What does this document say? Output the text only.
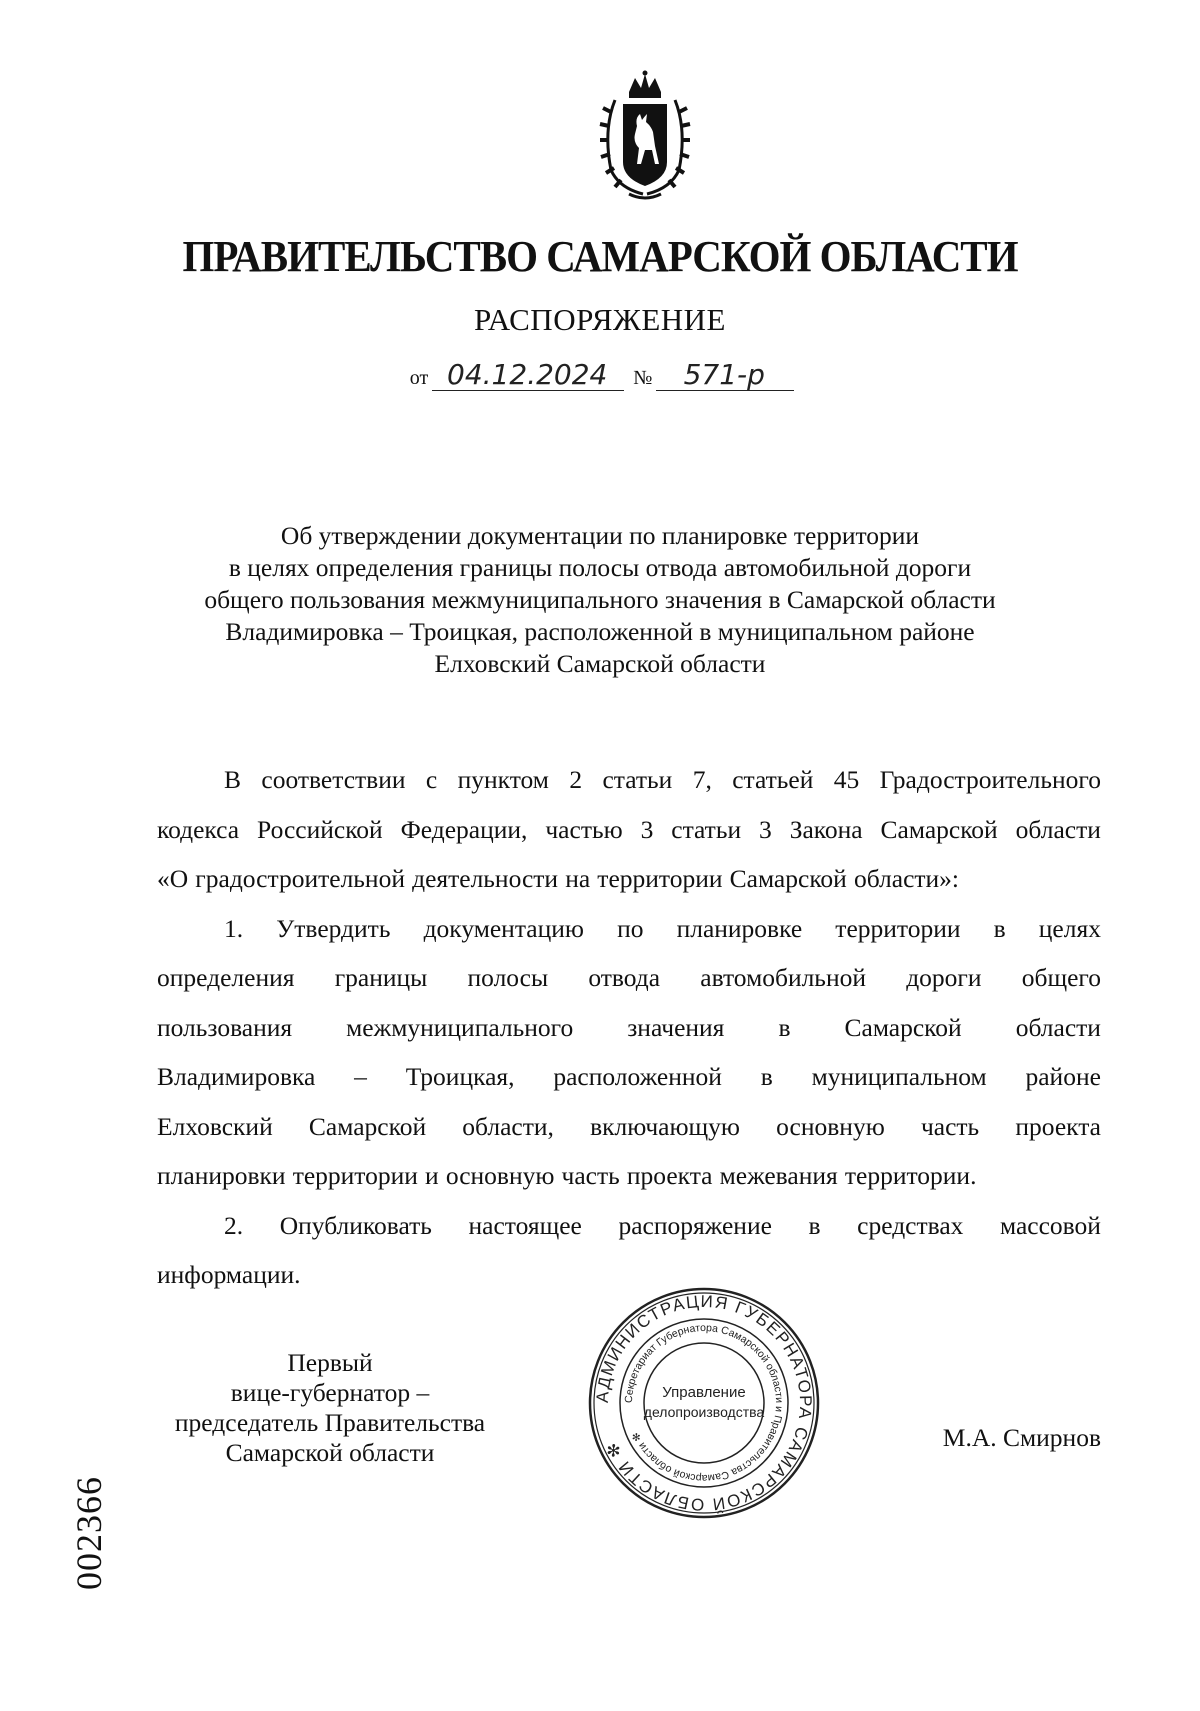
ПРАВИТЕЛЬСТВО САМАРСКОЙ ОБЛАСТИ
РАСПОРЯЖЕНИЕ
от 04.12.2024 № 571-р
Об утверждении документации по планировке территории
в целях определения границы полосы отвода автомобильной дороги
общего пользования межмуниципального значения в Самарской области
Владимировка – Троицкая, расположенной в муниципальном районе
Елховский Самарской области
В соответствии с пунктом 2 статьи 7, статьей 45 Градостроительного
кодекса Российской Федерации, частью 3 статьи 3 Закона Самарской области
«О градостроительной деятельности на территории Самарской области»:
1. Утвердить документацию по планировке территории в целях
определения границы полосы отвода автомобильной дороги общего
пользования межмуниципального значения в Самарской области
Владимировка – Троицкая, расположенной в муниципальном районе
Елховский Самарской области, включающую основную часть проекта
планировки территории и основную часть проекта межевания территории.
2. Опубликовать настоящее распоряжение в средствах массовой
информации.
Первый
вице-губернатор –
председатель Правительства
Самарской области
АДМИНИСТРАЦИЯ ГУБЕРНАТОРА САМАРСКОЙ ОБЛАСТИ ✻
Секретариат Губернатора Самарской области и Правительства Самарской области ✻
Управление
делопроизводства
М.А. Смирнов
002366
